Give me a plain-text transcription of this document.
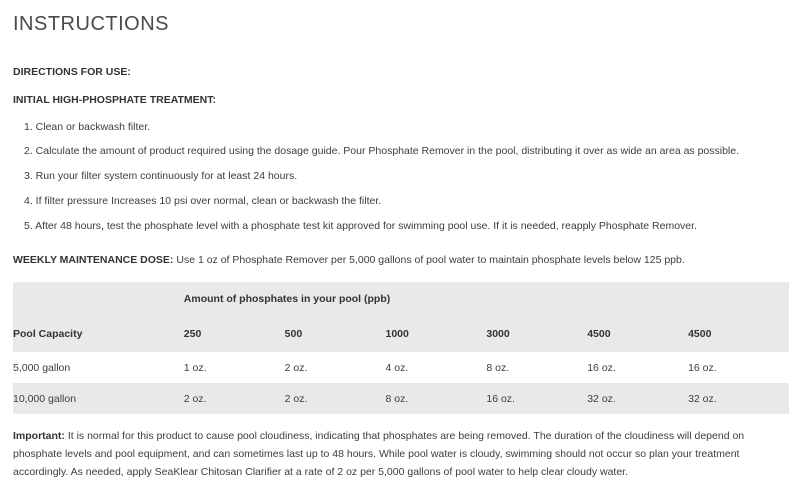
INSTRUCTIONS
DIRECTIONS FOR USE:
INITIAL HIGH-PHOSPHATE TREATMENT:
1. Clean or backwash filter.
2. Calculate the amount of product required using the dosage guide. Pour Phosphate Remover in the pool, distributing it over as wide an area as possible.
3. Run your filter system continuously for at least 24 hours.
4. If filter pressure Increases 10 psi over normal, clean or backwash the filter.
5. After 48 hours, test the phosphate level with a phosphate test kit approved for swimming pool use. If it is needed, reapply Phosphate Remover.
WEEKLY MAINTENANCE DOSE: Use 1 oz of Phosphate Remover per 5,000 gallons of pool water to maintain phosphate levels below 125 ppb.
	Amount of phosphates in your pool (ppb)					
Pool Capacity	250	500	1000	3000	4500	4500
5,000 gallon	1 oz.	2 oz.	4 oz.	8 oz.	16 oz.	16 oz.
10,000 gallon	2 oz.	2 oz.	8 oz.	16 oz.	32 oz.	32 oz.
Important: It is normal for this product to cause pool cloudiness, indicating that phosphates are being removed. The duration of the cloudiness will depend on phosphate levels and pool equipment, and can sometimes last up to 48 hours. While pool water is cloudy, swimming should not occur so plan your treatment accordingly. As needed, apply SeaKlear Chitosan Clarifier at a rate of 2 oz per 5,000 gallons of pool water to help clear cloudy water.
